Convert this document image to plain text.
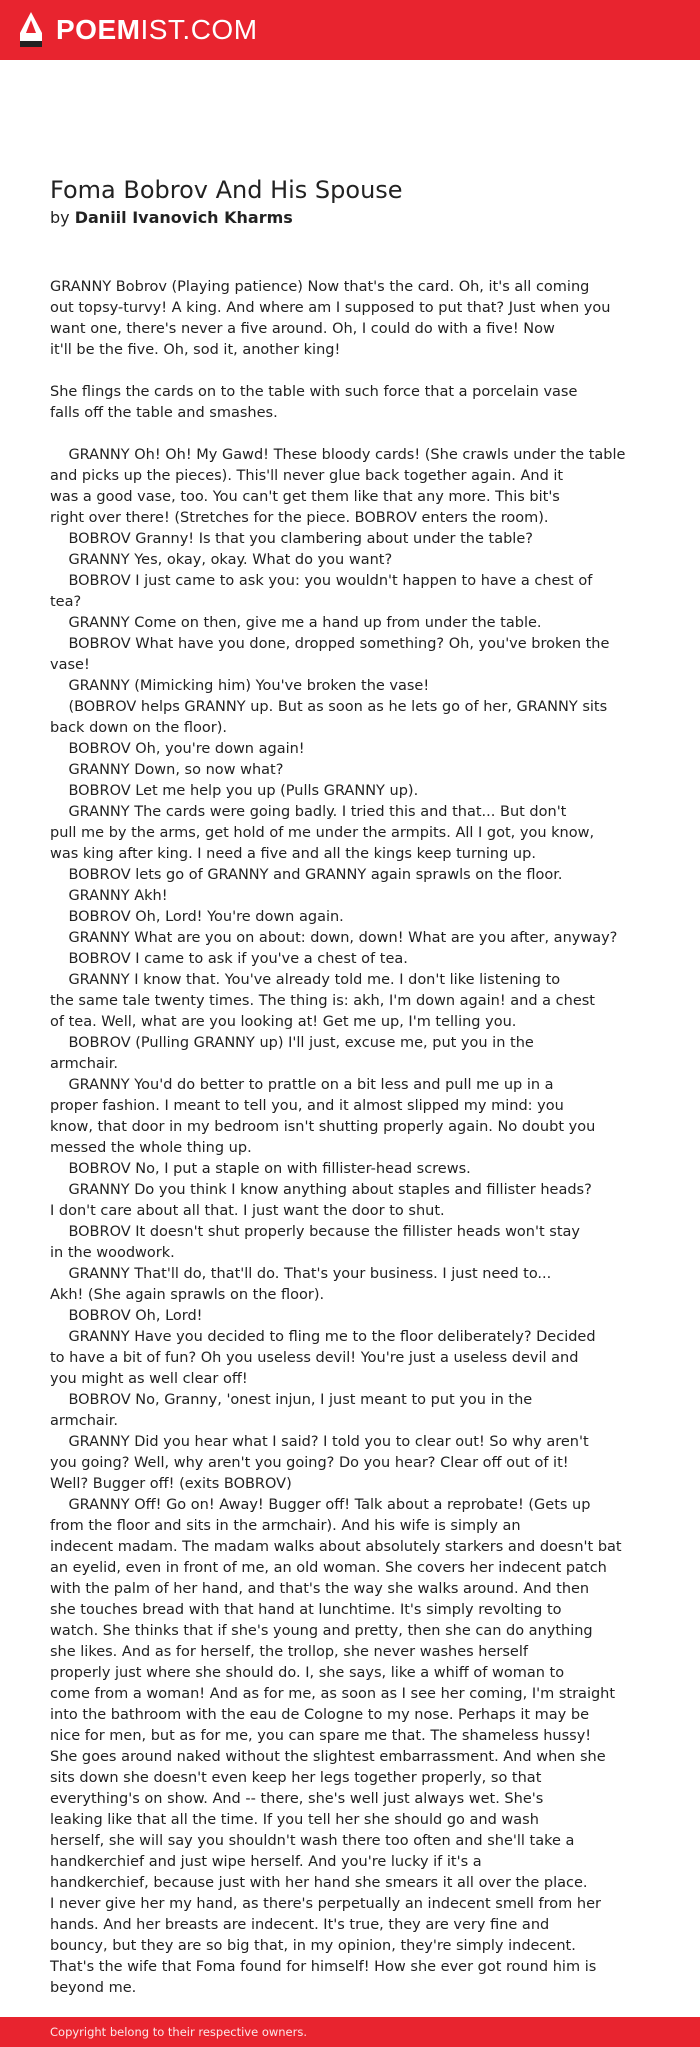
POEMIST.COM
Foma Bobrov And His Spouse
by Daniil Ivanovich Kharms

GRANNY Bobrov (Playing patience) Now that's the card. Oh, it's all coming
out topsy-turvy! A king. And where am I supposed to put that? Just when you
want one, there's never a five around. Oh, I could do with a five! Now
it'll be the five. Oh, sod it, another king!

She flings the cards on to the table with such force that a porcelain vase
falls off the table and smashes.

GRANNY Oh! Oh! My Gawd! These bloody cards! (She crawls under the table
and picks up the pieces). This'll never glue back together again. And it
was a good vase, too. You can't get them like that any more. This bit's
right over there! (Stretches for the piece. BOBROV enters the room).
BOBROV Granny! Is that you clambering about under the table?
GRANNY Yes, okay, okay. What do you want?
BOBROV I just came to ask you: you wouldn't happen to have a chest of
tea?
GRANNY Come on then, give me a hand up from under the table.
BOBROV What have you done, dropped something? Oh, you've broken the
vase!
GRANNY (Mimicking him) You've broken the vase!
(BOBROV helps GRANNY up. But as soon as he lets go of her, GRANNY sits
back down on the floor).
BOBROV Oh, you're down again!
GRANNY Down, so now what?
BOBROV Let me help you up (Pulls GRANNY up).
GRANNY The cards were going badly. I tried this and that... But don't
pull me by the arms, get hold of me under the armpits. All I got, you know,
was king after king. I need a five and all the kings keep turning up.
BOBROV lets go of GRANNY and GRANNY again sprawls on the floor.
GRANNY Akh!
BOBROV Oh, Lord! You're down again.
GRANNY What are you on about: down, down! What are you after, anyway?
BOBROV I came to ask if you've a chest of tea.
GRANNY I know that. You've already told me. I don't like listening to
the same tale twenty times. The thing is: akh, I'm down again! and a chest
of tea. Well, what are you looking at! Get me up, I'm telling you.
BOBROV (Pulling GRANNY up) I'll just, excuse me, put you in the
armchair.
GRANNY You'd do better to prattle on a bit less and pull me up in a
proper fashion. I meant to tell you, and it almost slipped my mind: you
know, that door in my bedroom isn't shutting properly again. No doubt you
messed the whole thing up.
BOBROV No, I put a staple on with fillister-head screws.
GRANNY Do you think I know anything about staples and fillister heads?
I don't care about all that. I just want the door to shut.
BOBROV It doesn't shut properly because the fillister heads won't stay
in the woodwork.
GRANNY That'll do, that'll do. That's your business. I just need to...
Akh! (She again sprawls on the floor).
BOBROV Oh, Lord!
GRANNY Have you decided to fling me to the floor deliberately? Decided
to have a bit of fun? Oh you useless devil! You're just a useless devil and
you might as well clear off!
BOBROV No, Granny, 'onest injun, I just meant to put you in the
armchair.
GRANNY Did you hear what I said? I told you to clear out! So why aren't
you going? Well, why aren't you going? Do you hear? Clear off out of it!
Well? Bugger off! (exits BOBROV)
GRANNY Off! Go on! Away! Bugger off! Talk about a reprobate! (Gets up
from the floor and sits in the armchair). And his wife is simply an
indecent madam. The madam walks about absolutely starkers and doesn't bat
an eyelid, even in front of me, an old woman. She covers her indecent patch
with the palm of her hand, and that's the way she walks around. And then
she touches bread with that hand at lunchtime. It's simply revolting to
watch. She thinks that if she's young and pretty, then she can do anything
she likes. And as for herself, the trollop, she never washes herself
properly just where she should do. I, she says, like a whiff of woman to
come from a woman! And as for me, as soon as I see her coming, I'm straight
into the bathroom with the eau de Cologne to my nose. Perhaps it may be
nice for men, but as for me, you can spare me that. The shameless hussy!
She goes around naked without the slightest embarrassment. And when she
sits down she doesn't even keep her legs together properly, so that
everything's on show. And -- there, she's well just always wet. She's
leaking like that all the time. If you tell her she should go and wash
herself, she will say you shouldn't wash there too often and she'll take a
handkerchief and just wipe herself. And you're lucky if it's a
handkerchief, because just with her hand she smears it all over the place.
I never give her my hand, as there's perpetually an indecent smell from her
hands. And her breasts are indecent. It's true, they are very fine and
bouncy, but they are so big that, in my opinion, they're simply indecent.
That's the wife that Foma found for himself! How she ever got round him is
beyond me.

Copyright belong to their respective owners.
